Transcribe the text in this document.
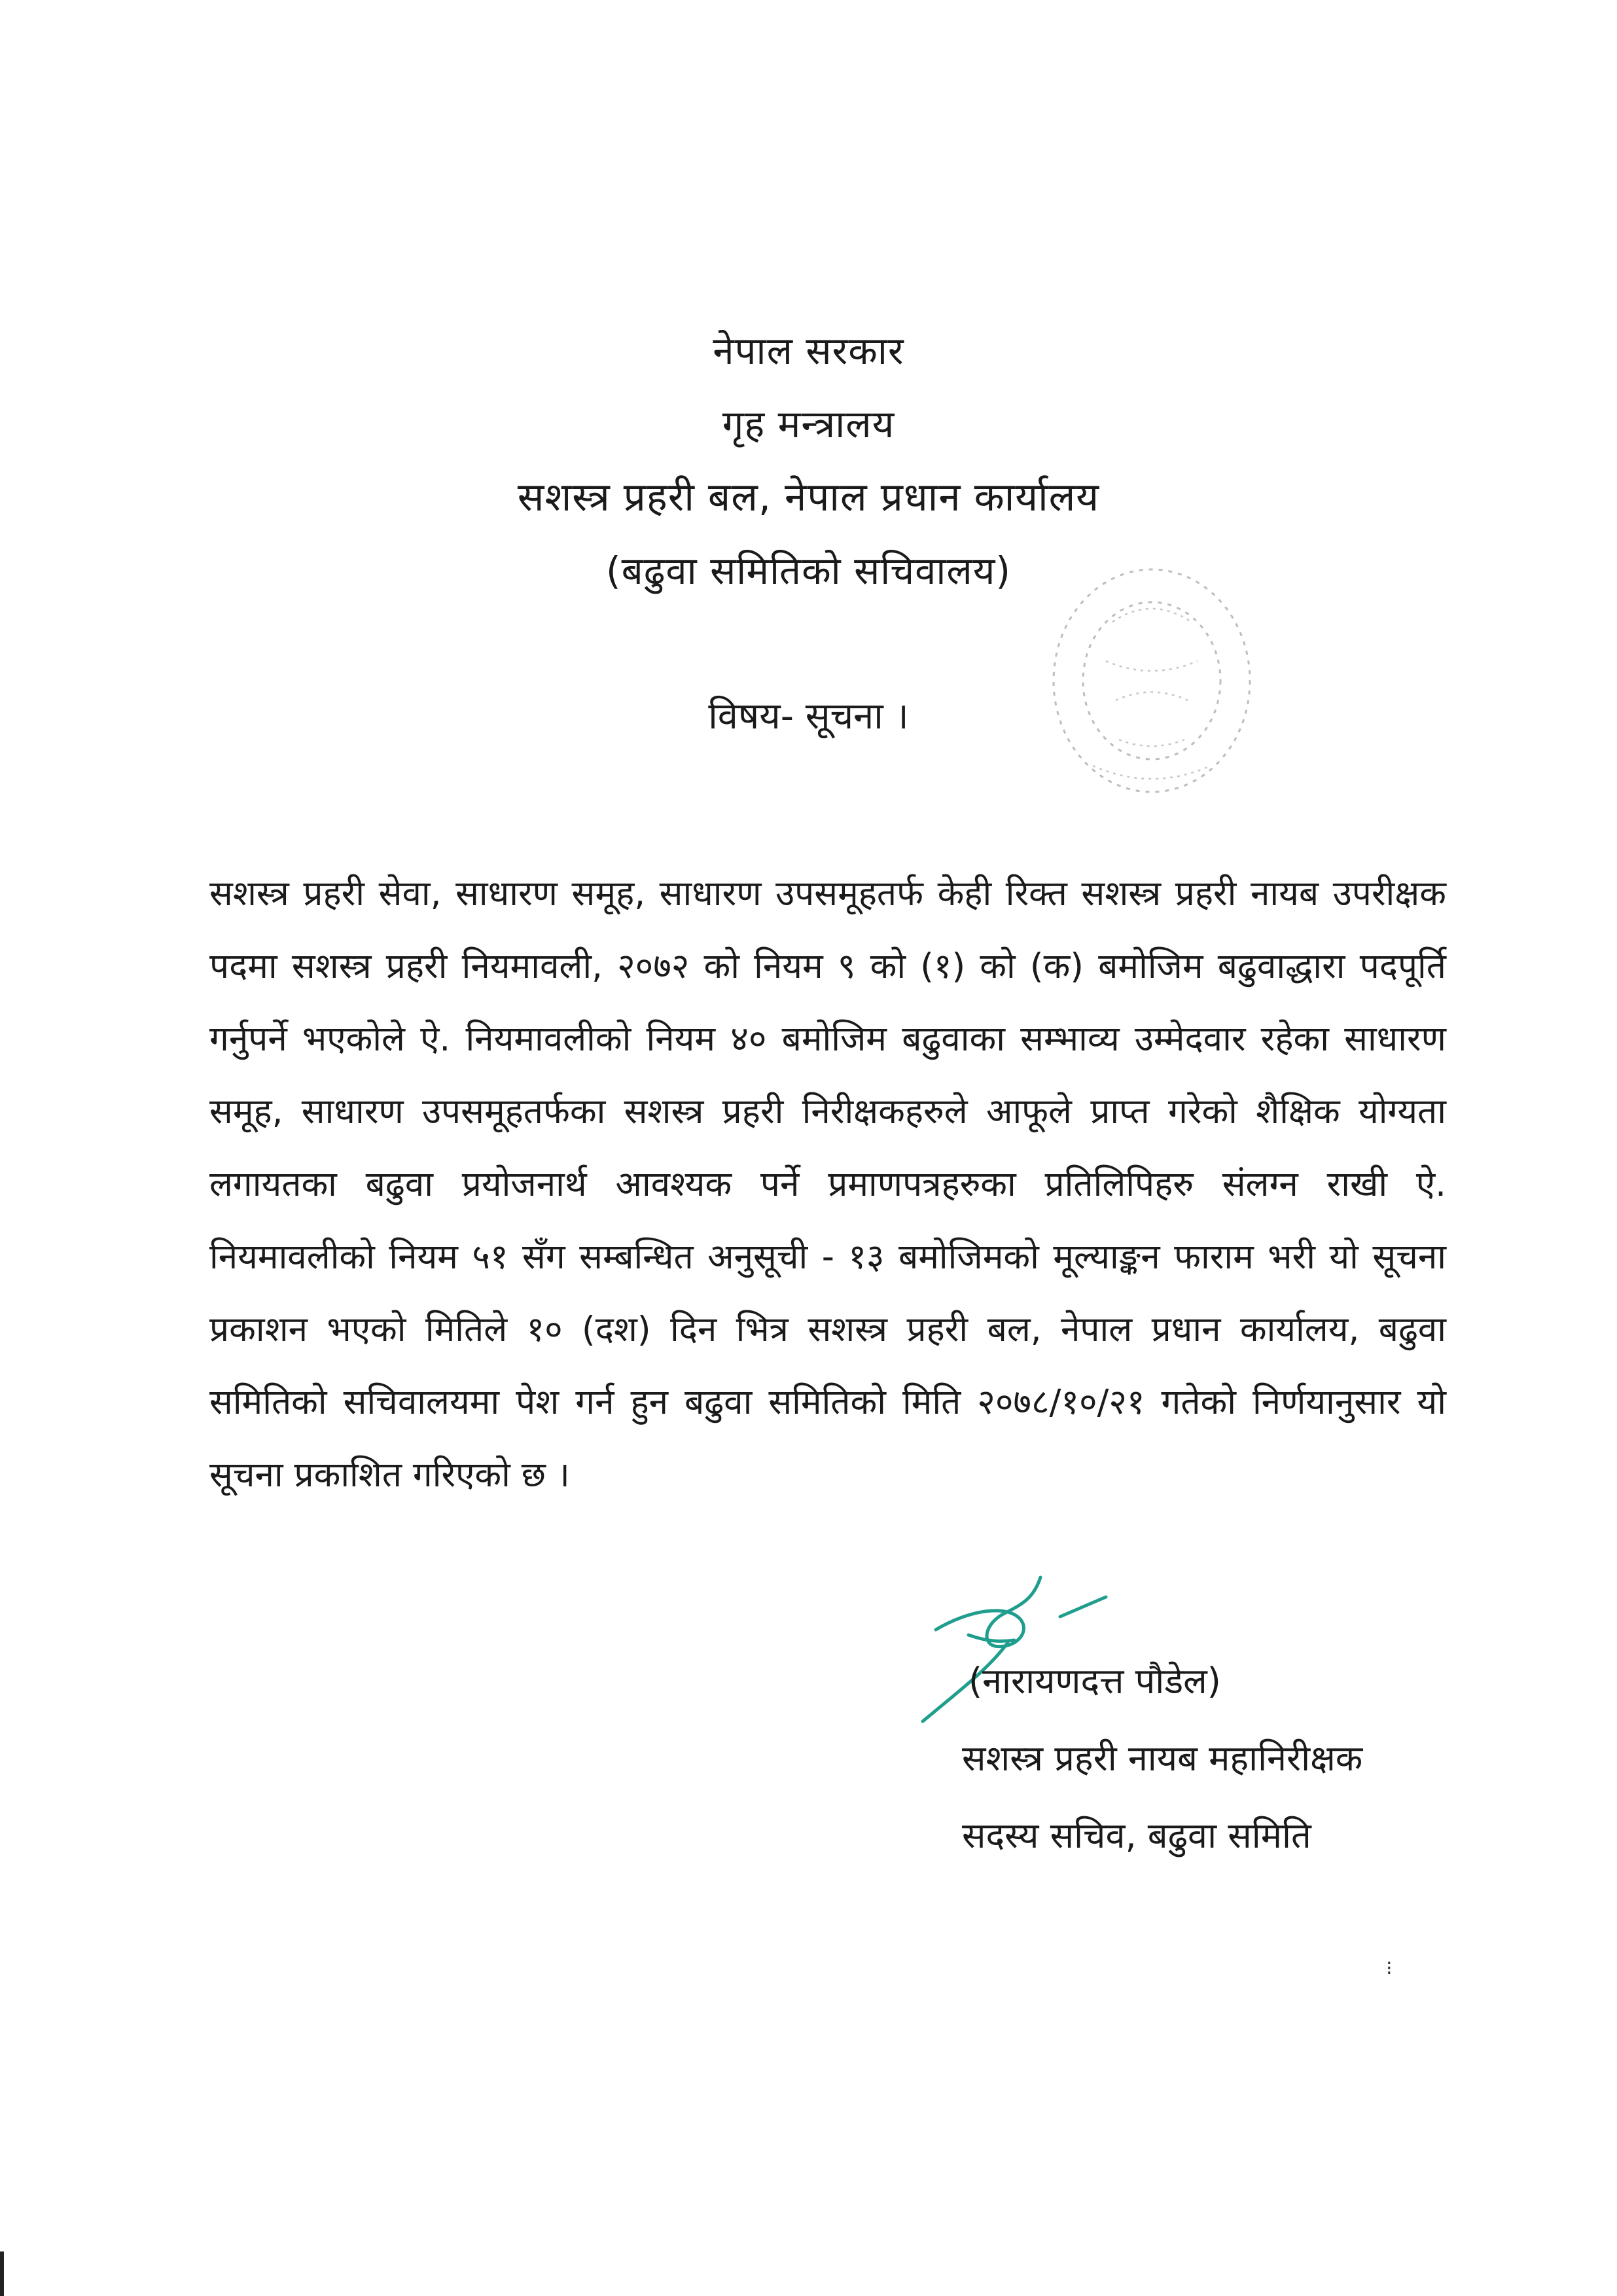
नेपाल सरकार
गृह मन्त्रालय
सशस्त्र प्रहरी बल, नेपाल प्रधान कार्यालय
(बढुवा समितिको सचिवालय)
विषय- सूचना ।
सशस्त्र प्रहरी सेवा, साधारण समूह, साधारण उपसमूहतर्फ केही रिक्त सशस्त्र प्रहरी नायब उपरीक्षक पदमा सशस्त्र प्रहरी नियमावली, २०७२ को नियम ९ को (१) को (क) बमोजिम बढुवाद्धारा पदपूर्ति गर्नुपर्ने भएकोले ऐ. नियमावलीको नियम ४० बमोजिम बढुवाका सम्भाव्य उम्मेदवार रहेका साधारण समूह, साधारण उपसमूहतर्फका सशस्त्र प्रहरी निरीक्षकहरुले आफूले प्राप्त गरेको शैक्षिक योग्यता लगायतका बढुवा प्रयोजनार्थ आवश्यक पर्ने प्रमाणपत्रहरुका प्रतिलिपिहरु संलग्न राखी ऐ. नियमावलीको नियम ५१ सँग सम्बन्धित अनुसूची - १३ बमोजिमको मूल्याङ्कन फाराम भरी यो सूचना प्रकाशन भएको मितिले १० (दश) दिन भित्र सशस्त्र प्रहरी बल, नेपाल प्रधान कार्यालय, बढुवा समितिको सचिवालयमा पेश गर्न हुन बढुवा समितिको मिति २०७८/१०/२१ गतेको निर्णयानुसार यो सूचना प्रकाशित गरिएको छ ।
(नारायणदत्त पौडेल)
सशस्त्र प्रहरी नायब महानिरीक्षक
सदस्य सचिव, बढुवा समिति
⁝
